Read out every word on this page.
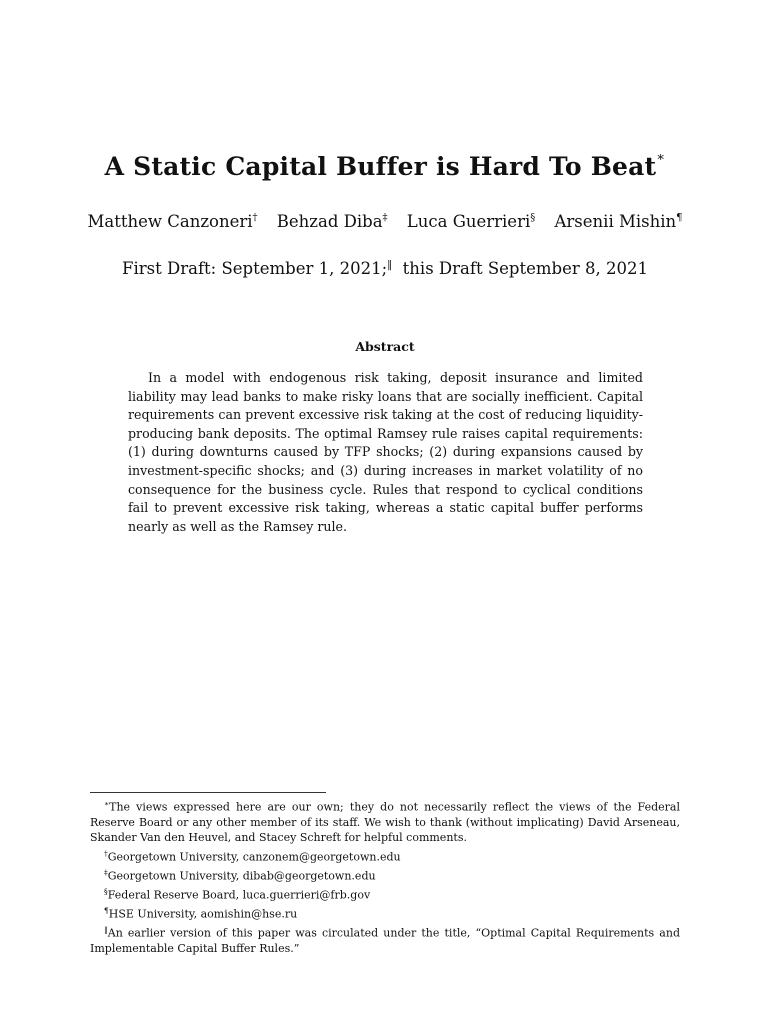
A Static Capital Buffer is Hard To Beat∗
Matthew Canzoneri† Behzad Diba‡ Luca Guerrieri§ Arsenii Mishin¶
First Draft: September 1, 2021;‖ this Draft September 8, 2021
Abstract

In a model with endogenous risk taking, deposit insurance and limited liability may lead banks to make risky loans that are socially inefficient. Capital requirements can prevent excessive risk taking at the cost of reducing liquidity-producing bank deposits. The optimal Ramsey rule raises capital requirements: (1) during downturns caused by TFP shocks; (2) during expansions caused by investment-specific shocks; and (3) during increases in market volatility of no consequence for the business cycle. Rules that respond to cyclical conditions fail to prevent excessive risk taking, whereas a static capital buffer performs nearly as well as the Ramsey rule.

∗The views expressed here are our own; they do not necessarily reflect the views of the Federal Reserve Board or any other member of its staff. We wish to thank (without implicating) David Arseneau, Skander Van den Heuvel, and Stacey Schreft for helpful comments.

†Georgetown University, canzonem@georgetown.edu

‡Georgetown University, dibab@georgetown.edu

§Federal Reserve Board, luca.guerrieri@frb.gov

¶HSE University, aomishin@hse.ru

‖An earlier version of this paper was circulated under the title, “Optimal Capital Requirements and Implementable Capital Buffer Rules.”
